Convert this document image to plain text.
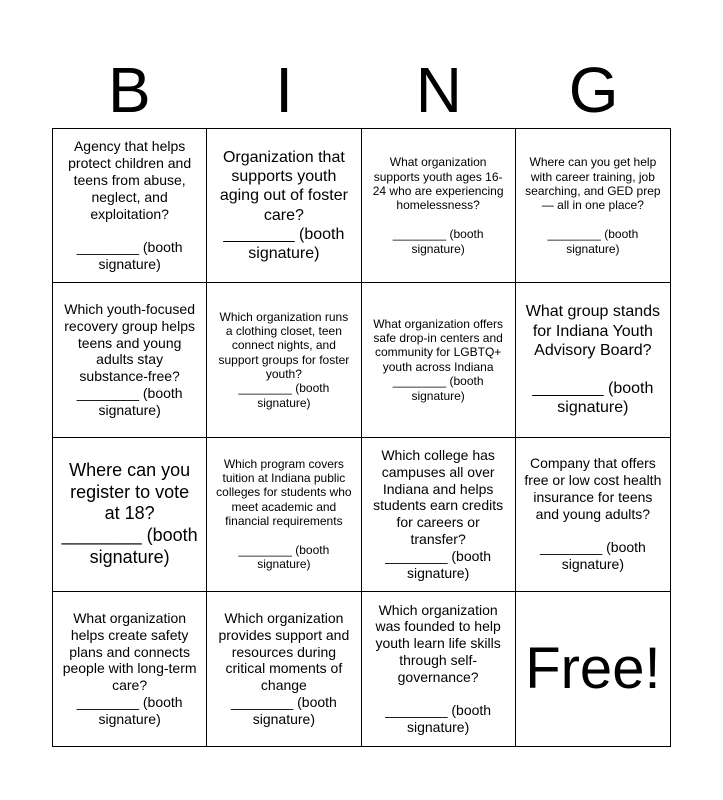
B	I	N	G
Agency that helps protect children and teens from abuse, neglect, and exploitation?

________ (booth signature)
Organization that supports youth aging out of foster care?
________ (booth signature)
What organization supports youth ages 16-24 who are experiencing homelessness?

________ (booth signature)
Where can you get help with career training, job searching, and GED prep — all in one place?

________ (booth signature)
Which youth-focused recovery group helps teens and young adults stay substance-free?
________ (booth signature)
Which organization runs a clothing closet, teen connect nights, and support groups for foster youth?
________ (booth signature)
What organization offers safe drop-in centers and community for LGBTQ+ youth across Indiana
________ (booth signature)
What group stands for Indiana Youth Advisory Board?

________ (booth signature)
Where can you register to vote at 18?
________ (booth signature)
Which program covers tuition at Indiana public colleges for students who meet academic and financial requirements

________ (booth signature)
Which college has campuses all over Indiana and helps students earn credits for careers or transfer?
________ (booth signature)
Company that offers free or low cost health insurance for teens and young adults?

________ (booth signature)
What organization helps create safety plans and connects people with long-term care?
________ (booth signature)
Which organization provides support and resources during critical moments of change
________ (booth signature)
Which organization was founded to help youth learn life skills through self-governance?

________ (booth signature)
Free!
